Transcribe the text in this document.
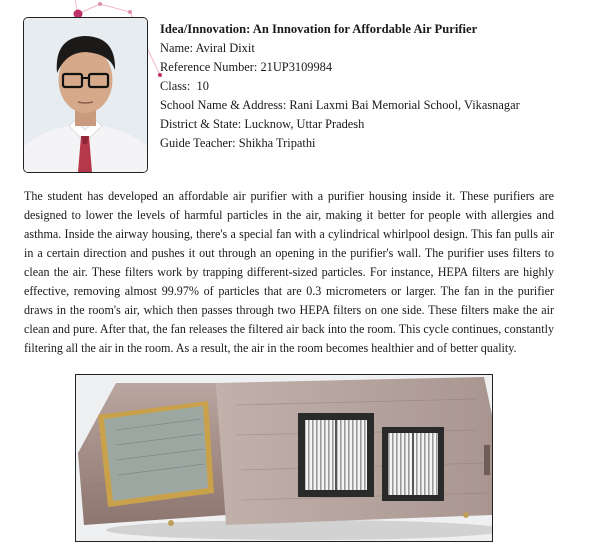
Idea/Innovation: An Innovation for Affordable Air Purifier
Name: Aviral Dixit
Reference Number: 21UP3109984
Class: 10
School Name & Address: Rani Laxmi Bai Memorial School, Vikasnagar
District & State: Lucknow, Uttar Pradesh
Guide Teacher: Shikha Tripathi

The student has developed an affordable air purifier with a purifier housing inside it. These purifiers are designed to lower the levels of harmful particles in the air, making it better for people with allergies and asthma. Inside the airway housing, there's a special fan with a cylindrical whirlpool design. This fan pulls air in a certain direction and pushes it out through an opening in the purifier's wall. The purifier uses filters to clean the air. These filters work by trapping different-sized particles. For instance, HEPA filters are highly effective, removing almost 99.97% of particles that are 0.3 micrometers or larger. The fan in the purifier draws in the room's air, which then passes through two HEPA filters on one side. These filters make the air clean and pure. After that, the fan releases the filtered air back into the room. This cycle continues, constantly filtering all the air in the room. As a result, the air in the room becomes healthier and of better quality.
